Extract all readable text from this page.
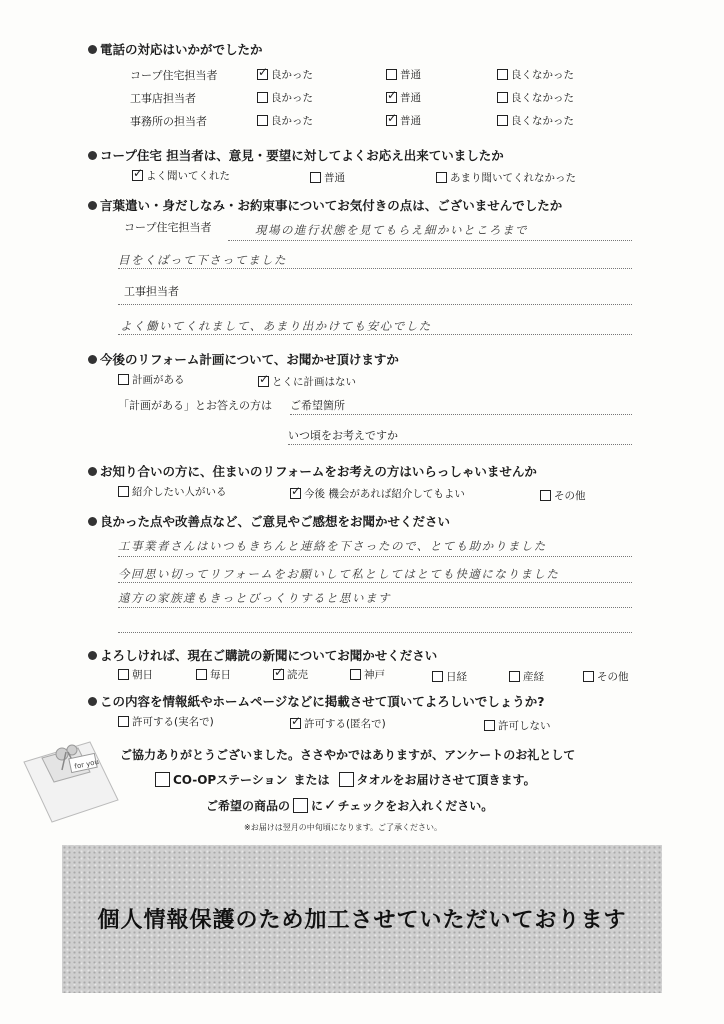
電話の対応はいかがでしたか
コープ住宅担当者 ✓	良かった	普通	良くなかった
工事店担当者	良かった ✓	普通	良くなかった
事務所の担当者	良かった ✓	普通	良くなかった
コープ住宅 担当者は、意見・要望に対してよくお応え出来ていましたか
✓
よく聞いてくれた	普通	あまり聞いてくれなかった
言葉遣い・身だしなみ・お約束事についてお気付きの点は、ございませんでしたか
コープ住宅担当者	現場の進行状態を見てもらえ細かいところまで
目をくばって下さってました
工事担当者
よく働いてくれまして、あまり出かけても安心でした
今後のリフォーム計画について、お聞かせ頂けますか
計画がある ✓	とくに計画はない
「計画がある」とお答えの方は ご希望箇所
いつ頃をお考えですか
お知り合いの方に、住まいのリフォームをお考えの方はいらっしゃいませんか
紹介したい人がいる ✓	今後 機会があれば紹介してもよい	その他
良かった点や改善点など、ご意見やご感想をお聞かせください
工事業者さんはいつもきちんと連絡を下さったので、とても助かりました
今回思い切ってリフォームをお願いして私としてはとても快適になりました
遠方の家族達もきっとびっくりすると思います
よろしければ、現在ご購読の新聞についてお聞かせください
朝日	毎日 ✓	読売	神戸	日経	産経	その他
この内容を情報紙やホームページなどに掲載させて頂いてよろしいでしょうか?
許可する(実名で) ✓	許可する(匿名で)	許可しない
for you
ご協力ありがとうございました。ささやかではありますが、アンケートのお礼として
CO-OPステーション または タオル をお届けさせて頂きます。
ご希望の商品の に ✓ チェックをお入れください。
※お届けは翌月の中旬頃になります。ご了承ください。
個人情報保護のため加工させていただいております
